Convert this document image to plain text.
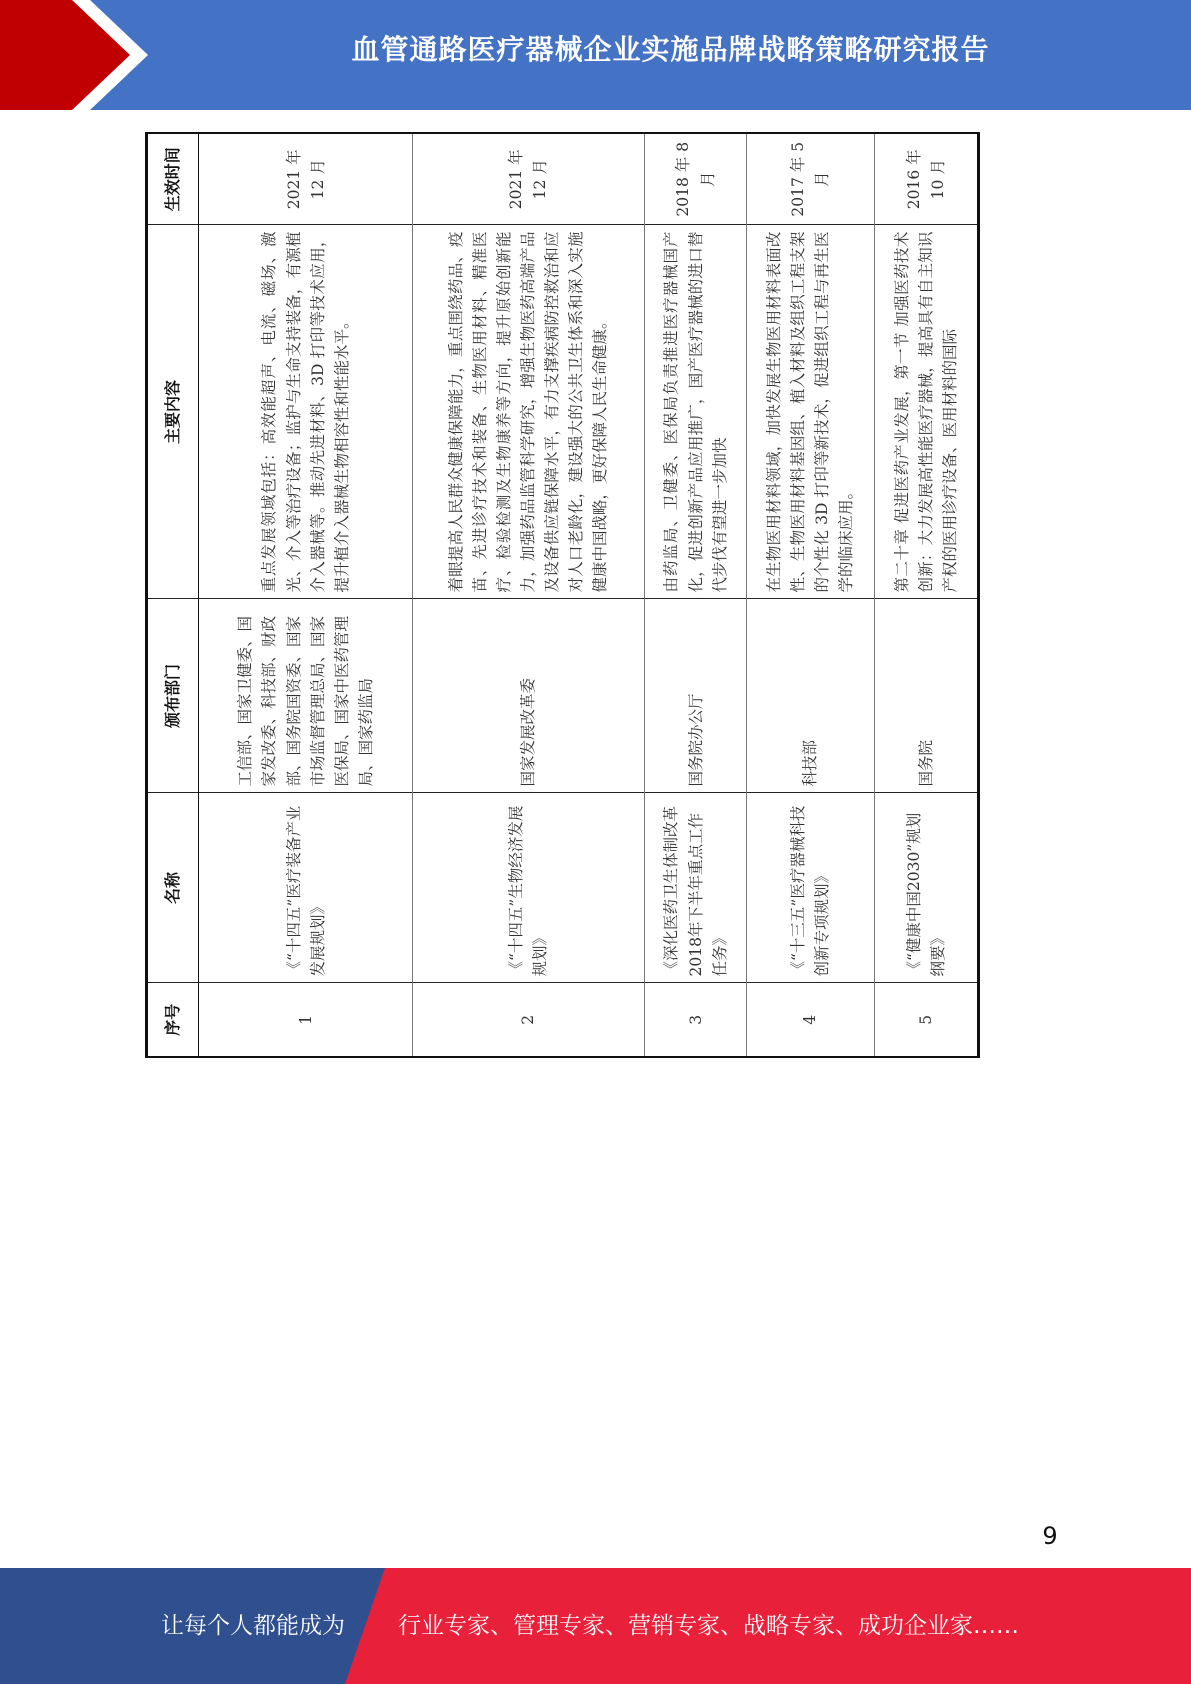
血管通路医疗器械企业实施品牌战略策略研究报告
序号	名称	颁布部门	主要内容	生效时间
1	《“十四五”医疗装备产业发展规划》	工信部、国家卫健委、国家发改委、科技部、财政部、国务院国资委、国家市场监督管理总局、国家医保局、国家中医药管理局、国家药监局	重点发展领域包括：高效能超声、电流、磁场、激光、介入等治疗设备；监护与生命支持装备，有源植介入器械等。推动先进材料、3D 打印等技术应用，提升植介入器械生物相容性和性能水平。	2021 年 12 月
2	《“十四五”生物经济发展规划》	国家发展改革委	着眼提高人民群众健康保障能力，重点围绕药品、疫苗、先进诊疗技术和装备、生物医用材料、精准医疗、检验检测及生物康养等方向，提升原始创新能力，加强药品监管科学研究，增强生物医药高端产品及设备供应链保障水平，有力支撑疾病防控救治和应对人口老龄化，建设强大的公共卫生体系和深入实施健康中国战略，更好保障人民生命健康。	2021 年 12 月
3	《深化医药卫生体制改革2018年下半年重点工作任务》	国务院办公厅	由药监局、卫健委、医保局负责推进医疗器械国产化，促进创新产品应用推广，国产医疗器械的进口替代步伐有望进一步加快	2018 年 8 月
4	《“十三五”医疗器械科技创新专项规划》	科技部	在生物医用材料领域，加快发展生物医用材料表面改性、生物医用材料基因组、植入材料及组织工程支架的个性化 3D 打印等新技术，促进组织工程与再生医学的临床应用。	2017 年 5 月
5	《“健康中国2030”规划纲要》	国务院	第二十章 促进医药产业发展，第一节 加强医药技术创新：大力发展高性能医疗器械，提高具有自主知识产权的医用诊疗设备、医用材料的国际	2016 年 10 月
9
让每个人都能成为 行业专家、管理专家、营销专家、战略专家、成功企业家……
